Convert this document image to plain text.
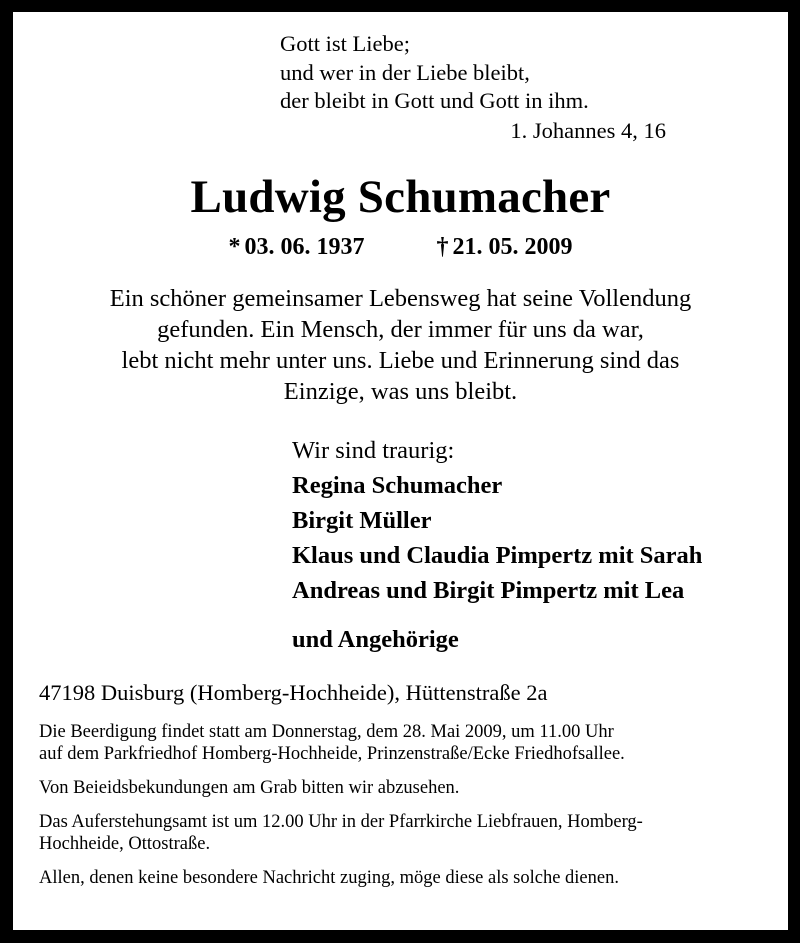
Gott ist Liebe;
und wer in der Liebe bleibt,
der bleibt in Gott und Gott in ihm.
1. Johannes 4, 16
Ludwig Schumacher
* 03. 06. 1937	† 21. 05. 2009
Ein schöner gemeinsamer Lebensweg hat seine Vollendung
gefunden. Ein Mensch, der immer für uns da war,
lebt nicht mehr unter uns. Liebe und Erinnerung sind das
Einzige, was uns bleibt.
Wir sind traurig:
Regina Schumacher
Birgit Müller
Klaus und Claudia Pimpertz mit Sarah
Andreas und Birgit Pimpertz mit Lea
und Angehörige
47198 Duisburg (Homberg-Hochheide), Hüttenstraße 2a
Die Beerdigung findet statt am Donnerstag, dem 28. Mai 2009, um 11.00 Uhr
auf dem Parkfriedhof Homberg-Hochheide, Prinzenstraße/Ecke Friedhofsallee.
Von Beieidsbekundungen am Grab bitten wir abzusehen.
Das Auferstehungsamt ist um 12.00 Uhr in der Pfarrkirche Liebfrauen, Homberg-
Hochheide, Ottostraße.
Allen, denen keine besondere Nachricht zuging, möge diese als solche dienen.
